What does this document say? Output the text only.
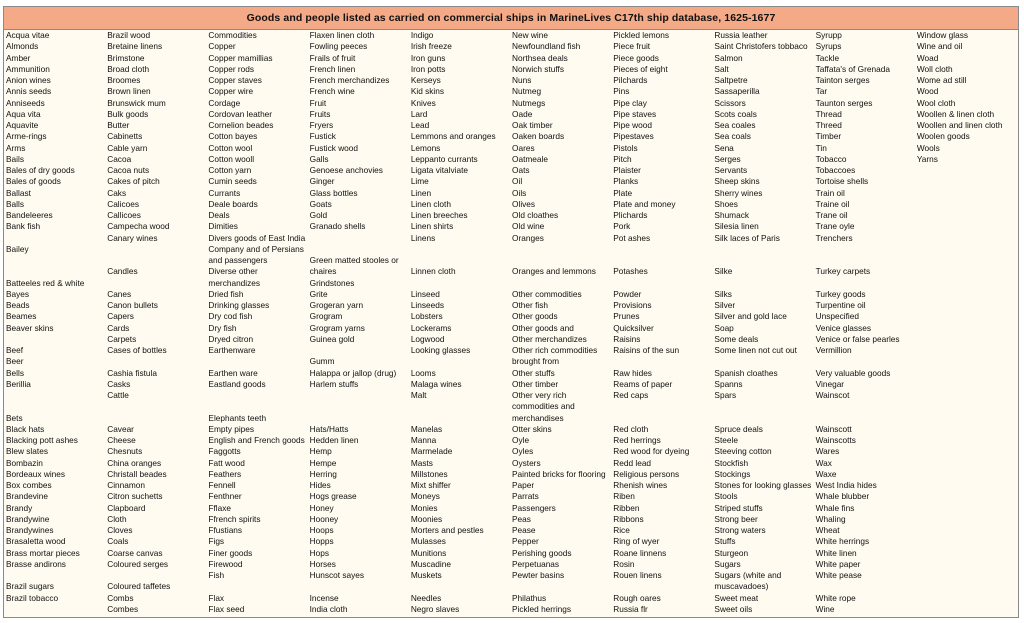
Goods and people listed as carried on commercial ships in MarineLives C17th ship database, 1625-1677
Acqua vitae
Almonds
Amber
Ammunition
Anion wines
Annis seeds
Anniseeds
Aqua vita
Aquavite
Arme-rings
Arms
Bails
Bales of dry goods
Bales of goods
Ballast
Balls
Bandeleeres
Bank fish

Bailey

Batteeles red & white
Bayes
Beads
Beames
Beaver skins

Beef
Beer
Bells
Berillia

Bets
Black hats
Blacking pott ashes
Blew slates
Bombazin
Bordeaux wines
Box combes
Brandevine
Brandy
Brandywine
Brandywines
Brasaletta wood
Brass mortar pieces
Brasse andirons

Brazil sugars
Brazil tobacco
Brazil wood
Bretaine linens
Brimstone
Broad cloth
Broomes
Brown linen
Brunswick mum
Bulk goods
Butter
Cabinetts
Cable yarn
Cacoa
Cacoa nuts
Cakes of pitch
Caks
Calicoes
Callicoes
Campecha wood
Canary wines

Candles

Canes
Canon bullets
Capers
Cards
Carpets
Cases of bottles

Cashia fistula
Casks
Cattle

Cavear
Cheese
Chesnuts
China oranges
Christall beades
Cinnamon
Citron suchetts
Clapboard
Cloth
Cloves
Coals
Coarse canvas
Coloured serges

Coloured taffetes
Combs
Combes
Commodities
Copper
Copper mamillias
Copper rods
Copper staves
Copper wire
Cordage
Cordovan leather
Cornelion beades
Cotton bayes
Cotton wool
Cotton wooll
Cotton yarn
Cumin seeds
Currants
Deale boards
Deals
Dimities
Divers goods of East India Company and of Persians and passengers
Diverse other merchandizes
Dried fish
Drinking glasses
Dry cod fish
Dry fish
Dryed citron
Earthenware

Earthen ware
Eastland goods

Elephants teeth
Empty pipes
English and French goods
Faggotts
Fatt wood
Feathers
Fennell
Fenthner
Fflaxe
Ffrench spirits
Ffustians
Figs
Finer goods
Firewood
Fish

Flax
Flax seed
Flaxen linen cloth
Fowling peeces
Frails of fruit
French linen
French merchandizes
French wine
Fruit
Fruits
Fryers
Fustick
Fustick wood
Galls
Genoese anchovies
Ginger
Glass bottles
Goats
Gold
Granado shells

Green matted stooles or chaires
Grindstones
Grite
Grogeran yarn
Grogram
Grogram yarns
Guinea gold

Gumm
Halappa or jallop (drug)
Harlem stuffs

Hats/Hatts
Hedden linen
Hemp
Hempe
Herring
Hides
Hogs grease
Honey
Hooney
Hoops
Hopps
Hops
Horses
Hunscot sayes

Incense
India cloth
Indigo
Irish freeze
Iron guns
Iron potts
Kerseys
Kid skins
Knives
Lard
Lead
Lemmons and oranges
Lemons
Leppanto currants
Ligata vitalviate
Lime
Linen
Linen cloth
Linen breeches
Linen shirts
Linens

Linnen cloth

Linseed
Linseeds
Lobsters
Lockerams
Logwood
Looking glasses

Looms
Malaga wines
Malt

Manelas
Manna
Marmelade
Masts
Millstones
Mixt shiffer
Moneys
Monies
Moonies
Morters and pestles
Mulasses
Munitions
Muscadine
Muskets

Needles
Negro slaves
New wine
Newfoundland fish
Northsea deals
Norwich stuffs
Nuns
Nutmeg
Nutmegs
Oade
Oak timber
Oaken boards
Oares
Oatmeale
Oats
Oil
Oils
Olives
Old cloathes
Old wine
Oranges

Oranges and lemmons

Other commodities
Other fish
Other goods
Other goods and
Other merchandizes
Other rich commodities brought from
Other stuffs
Other timber
Other very rich commodities and merchandises
Otter skins
Oyle
Oyles
Oysters
Painted bricks for flooring
Paper
Parrats
Passengers
Peas
Pease
Pepper
Perishing goods
Perpetuanas
Pewter basins

Philathus
Pickled herrings
Pickled lemons
Piece fruit
Piece goods
Pieces of eight
Pilchards
Pins
Pipe clay
Pipe staves
Pipe wood
Pipestaves
Pistols
Pitch
Plaister
Planks
Plate
Plate and money
Plichards
Pork
Pot ashes

Potashes

Powder
Provisions
Prunes
Quicksilver
Raisins
Raisins of the sun

Raw hides
Reams of paper
Red caps

Red cloth
Red herrings
Red wood for dyeing
Redd lead
Religious persons
Rhenish wines
Riben
Ribben
Ribbons
Rice
Ring of wyer
Roane linnens
Rosin
Rouen linens

Rough oares
Russia flr
Russia leather
Saint Christofers tobbaco
Salmon
Salt
Saltpetre
Sassaperilla
Scissors
Scots coals
Sea coales
Sea coals
Sena
Serges
Servants
Sheep skins
Sherry wines
Shoes
Shumack
Silesia linen
Silk laces of Paris

Silke

Silks
Silver
Silver and gold lace
Soap
Some deals
Some linen not cut out

Spanish cloathes
Spanns
Spars

Spruce deals
Steele
Steeving cotton
Stockfish
Stockings
Stones for looking glasses
Stools
Striped stuffs
Strong beer
Strong waters
Stuffs
Sturgeon
Sugars
Sugars (white and muscavadoes)
Sweet meat
Sweet oils
Syrupp
Syrups
Tackle
Taffata's of Grenada
Tainton serges
Tar
Taunton serges
Thread
Threed
Timber
Tin
Tobacco
Tobaccoes
Tortoise shells
Train oil
Traine oil
Trane oil
Trane oyle
Trenchers

Turkey carpets

Turkey goods
Turpentine oil
Unspecified
Venice glasses
Venice or false pearles
Vermillion

Very valuable goods
Vinegar
Wainscot

Wainscott
Wainscotts
Wares
Wax
Waxe
West India hides
Whale blubber
Whale fins
Whaling
Wheat
White herrings
White linen
White paper
White pease

White rope
Wine
Window glass
Wine and oil
Woad
Woll cloth
Wome ad still
Wood
Wool cloth
Woollen & linen cloth
Woollen and linen cloth
Woolen goods
Wools
Yarns
